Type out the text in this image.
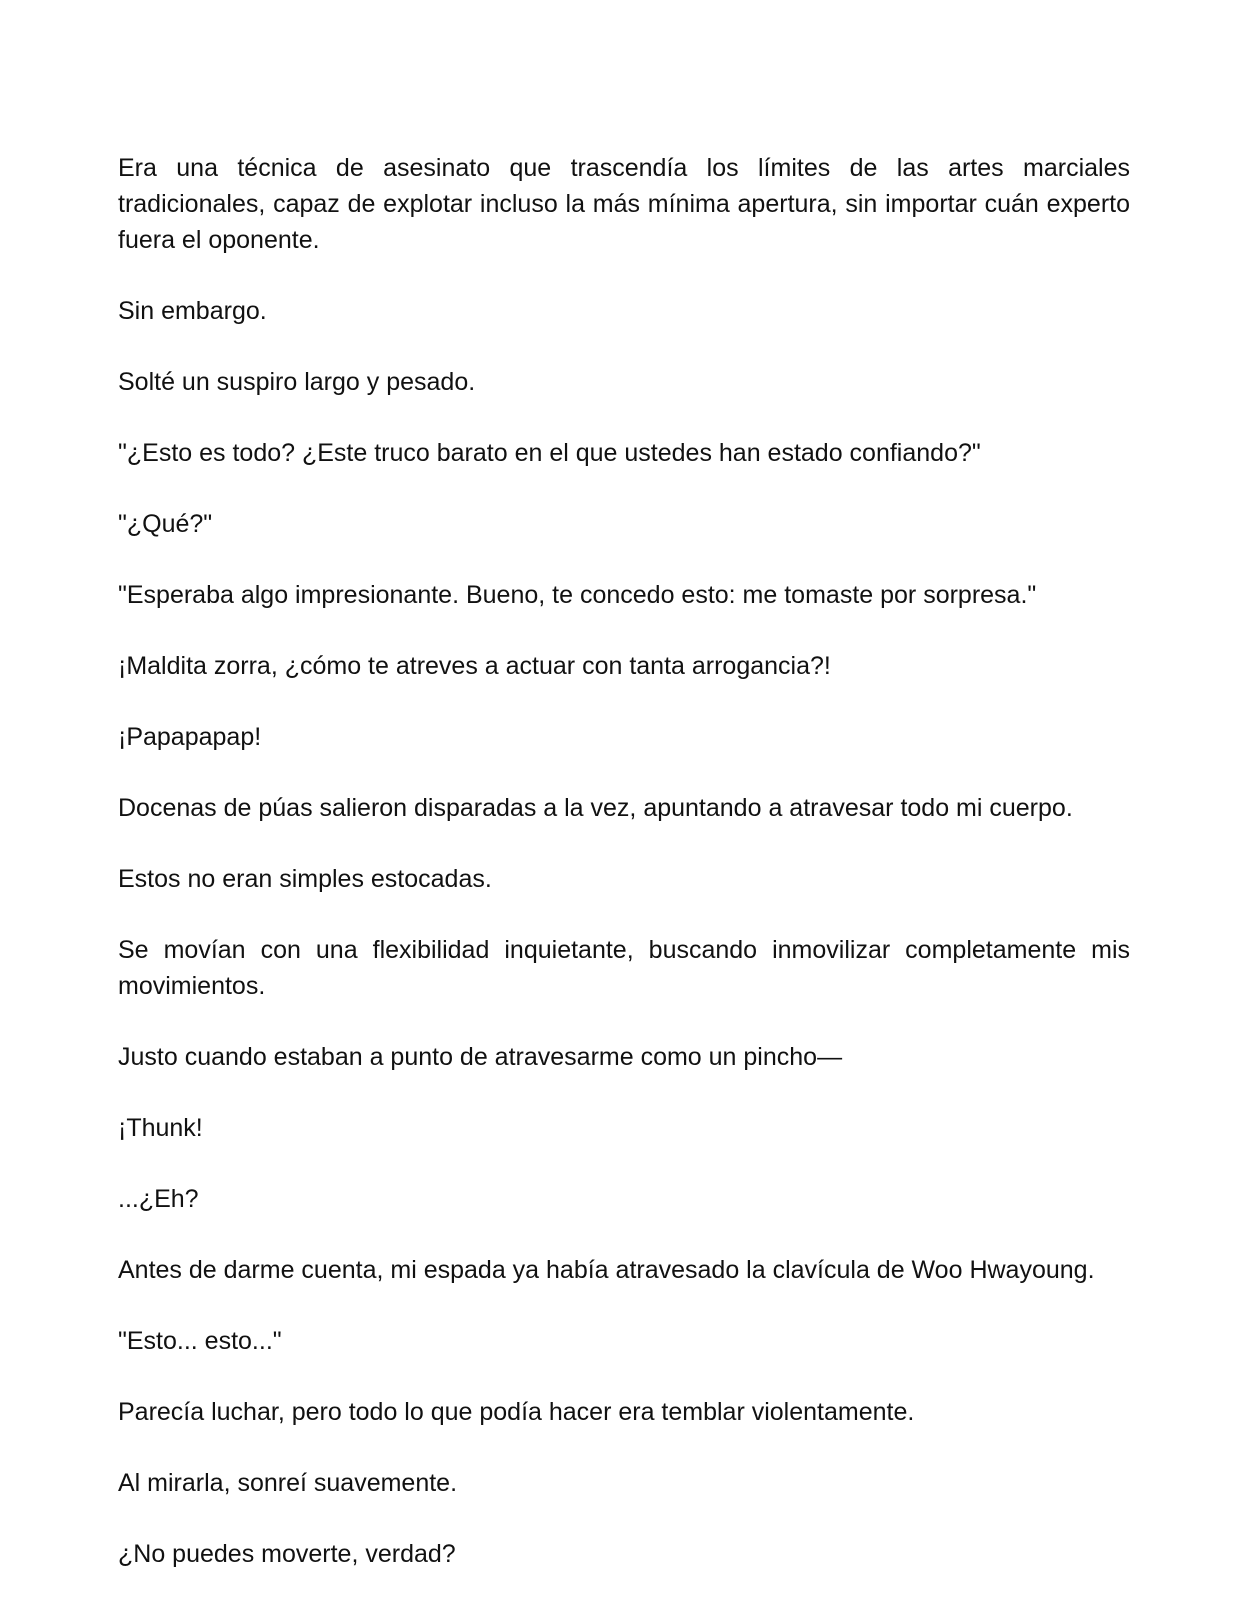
Era una técnica de asesinato que trascendía los límites de las artes marciales tradicionales, capaz de explotar incluso la más mínima apertura, sin importar cuán experto fuera el oponente.

Sin embargo.

Solté un suspiro largo y pesado.

"¿Esto es todo? ¿Este truco barato en el que ustedes han estado confiando?"

"¿Qué?"

"Esperaba algo impresionante. Bueno, te concedo esto: me tomaste por sorpresa."

¡Maldita zorra, ¿cómo te atreves a actuar con tanta arrogancia?!

¡Papapapap!

Docenas de púas salieron disparadas a la vez, apuntando a atravesar todo mi cuerpo.

Estos no eran simples estocadas.

Se movían con una flexibilidad inquietante, buscando inmovilizar completamente mis movimientos.

Justo cuando estaban a punto de atravesarme como un pincho—

¡Thunk!

...¿Eh?

Antes de darme cuenta, mi espada ya había atravesado la clavícula de Woo Hwayoung.

"Esto... esto..."

Parecía luchar, pero todo lo que podía hacer era temblar violentamente.

Al mirarla, sonreí suavemente.

¿No puedes moverte, verdad?
